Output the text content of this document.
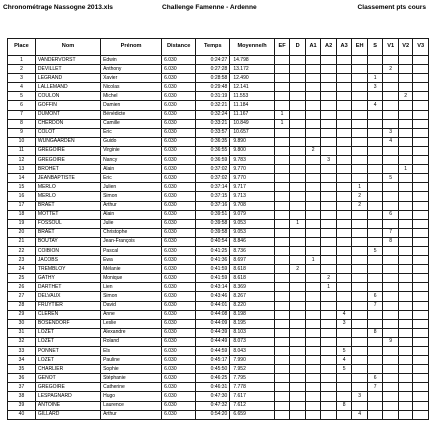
Chronométrage Nassogne 2013.xls	Challenge Famenne - Ardenne	Classement pts cours
Place	Nom	Prénom	Distance	Temps	Moyenne/h	EF	D	A1	A2	A3	EH	S	V1	V2	V3
1	VANDERVORST	Edwin	6.030	0:24:27	14.798										
2	DEVILLET	Anthony	6.030	0:27:28	13.172								2		
3	LEGRAND	Xavier	6.030	0:28:58	12.490							1			
4	LALLEMAND	Nicolas	6.030	0:29:48	12.141							3			
5	COULON	Michel	6.030	0:31:19	11.553									2	
6	GOFFIN	Damien	6.030	0:32:21	11.184							4			
7	DUMONT	Bénédicte	6.030	0:32:24	11.167	1									
8	CHERDON	Camille	6.030	0:33:21	10.849	1									
9	COLOT	Eric	6.030	0:33:57	10.657								3		
10	WUNGAARDEN	Guido	6.030	0:36:35	9.890								4		
11	GREGOIRE	Virginie	6.030	0:36:55	9.800			2							
12	GREGOIRE	Nancy	6.030	0:36:59	9.783				3						
13	BROHET	Alain	6.030	0:37:02	9.770									1	
14	JEANBAPTISTE	Eric	6.030	0:37:02	9.770								5		
15	MERLO	Julien	6.030	0:37:14	9.717						1				
16	MERLO	Simon	6.030	0:37:15	9.713						2				
17	BRAET	Arthur	6.030	0:37:16	9.708						2				
18	MOTTET	Alain	6.030	0:39:51	9.079								6		
19	FOSSOUL	Julie	6.030	0:39:58	9.053		1								
20	BRAET	Christophe	6.030	0:39:58	9.053								7		
21	BOUTAY	Jean-François	6.030	0:40:54	8.846								8		
22	COIBION	Pascal	6.030	0:41:25	8.736							5			
23	JACOBS	Ewa	6.030	0:41:36	8.697			1							
24	TREMBLOY	Mélanie	6.030	0:41:59	8.618		2								
25	GATHY	Monique	6.030	0:41:59	8.618				2						
26	DARTHET	Lien	6.030	0:43:14	8.369				1						
27	DELVAUX	Simon	6.030	0:43:46	8.267							6			
28	FRUYTIER	David	6.030	0:44:01	8.220							7			
29	CLEREN	Anne	6.030	0:44:08	8.198					4					
30	BOSENDORF	Leslie	6.030	0:44:09	8.195					3					
31	LOZET	Alexandre	6.030	0:44:39	8.103							8			
32	LOZET	Roland	6.030	0:44:49	8.073								9		
33	PONNET	Els	6.030	0:44:59	8.043					5					
34	LOZET	Pauline	6.030	0:45:17	7.990					4					
35	CHARLIER	Sophie	6.030	0:45:50	7.952					5					
36	GENOT	Stéphanie	6.030	0:46:25	7.795							6			
37	GREGOIRE	Catherine	6.030	0:46:31	7.778							7			
38	LESPAGNARD	Hugo	6.030	0:47:30	7.617						3				
39	ANTOINE	Laurence	6.030	0:47:32	7.612					8					
40	GILLARD	Arthur	6.030	0:54:20	6.659						4				
